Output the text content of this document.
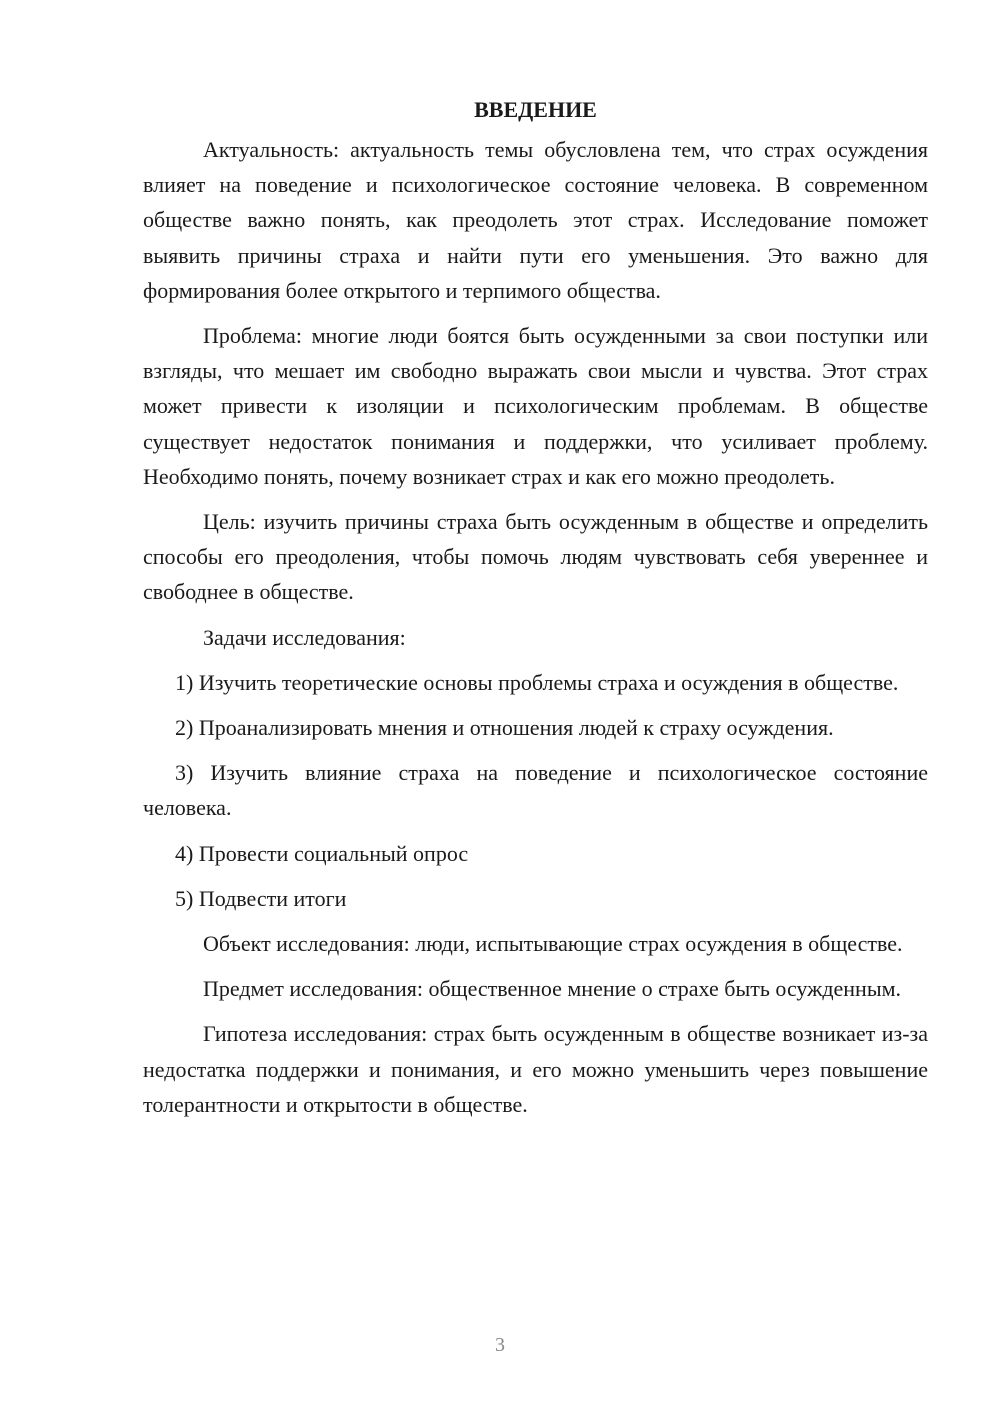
ВВЕДЕНИЕ

Актуальность: актуальность темы обусловлена тем, что страх осуждения влияет на поведение и психологическое состояние человека. В современном обществе важно понять, как преодолеть этот страх. Исследование поможет выявить причины страха и найти пути его уменьшения. Это важно для формирования более открытого и терпимого общества.

Проблема: многие люди боятся быть осужденными за свои поступки или взгляды, что мешает им свободно выражать свои мысли и чувства. Этот страх может привести к изоляции и психологическим проблемам. В обществе существует недостаток понимания и поддержки, что усиливает проблему. Необходимо понять, почему возникает страх и как его можно преодолеть.

Цель: изучить причины страха быть осужденным в обществе и определить способы его преодоления, чтобы помочь людям чувствовать себя увереннее и свободнее в обществе.

Задачи исследования:

1) Изучить теоретические основы проблемы страха и осуждения в обществе.

2) Проанализировать мнения и отношения людей к страху осуждения.

3) Изучить влияние страха на поведение и психологическое состояние человека.

4) Провести социальный опрос

5) Подвести итоги

Объект исследования: люди, испытывающие страх осуждения в обществе.

Предмет исследования: общественное мнение о страхе быть осужденным.

Гипотеза исследования: страх быть осужденным в обществе возникает из-за недостатка поддержки и понимания, и его можно уменьшить через повышение толерантности и открытости в обществе.

3
